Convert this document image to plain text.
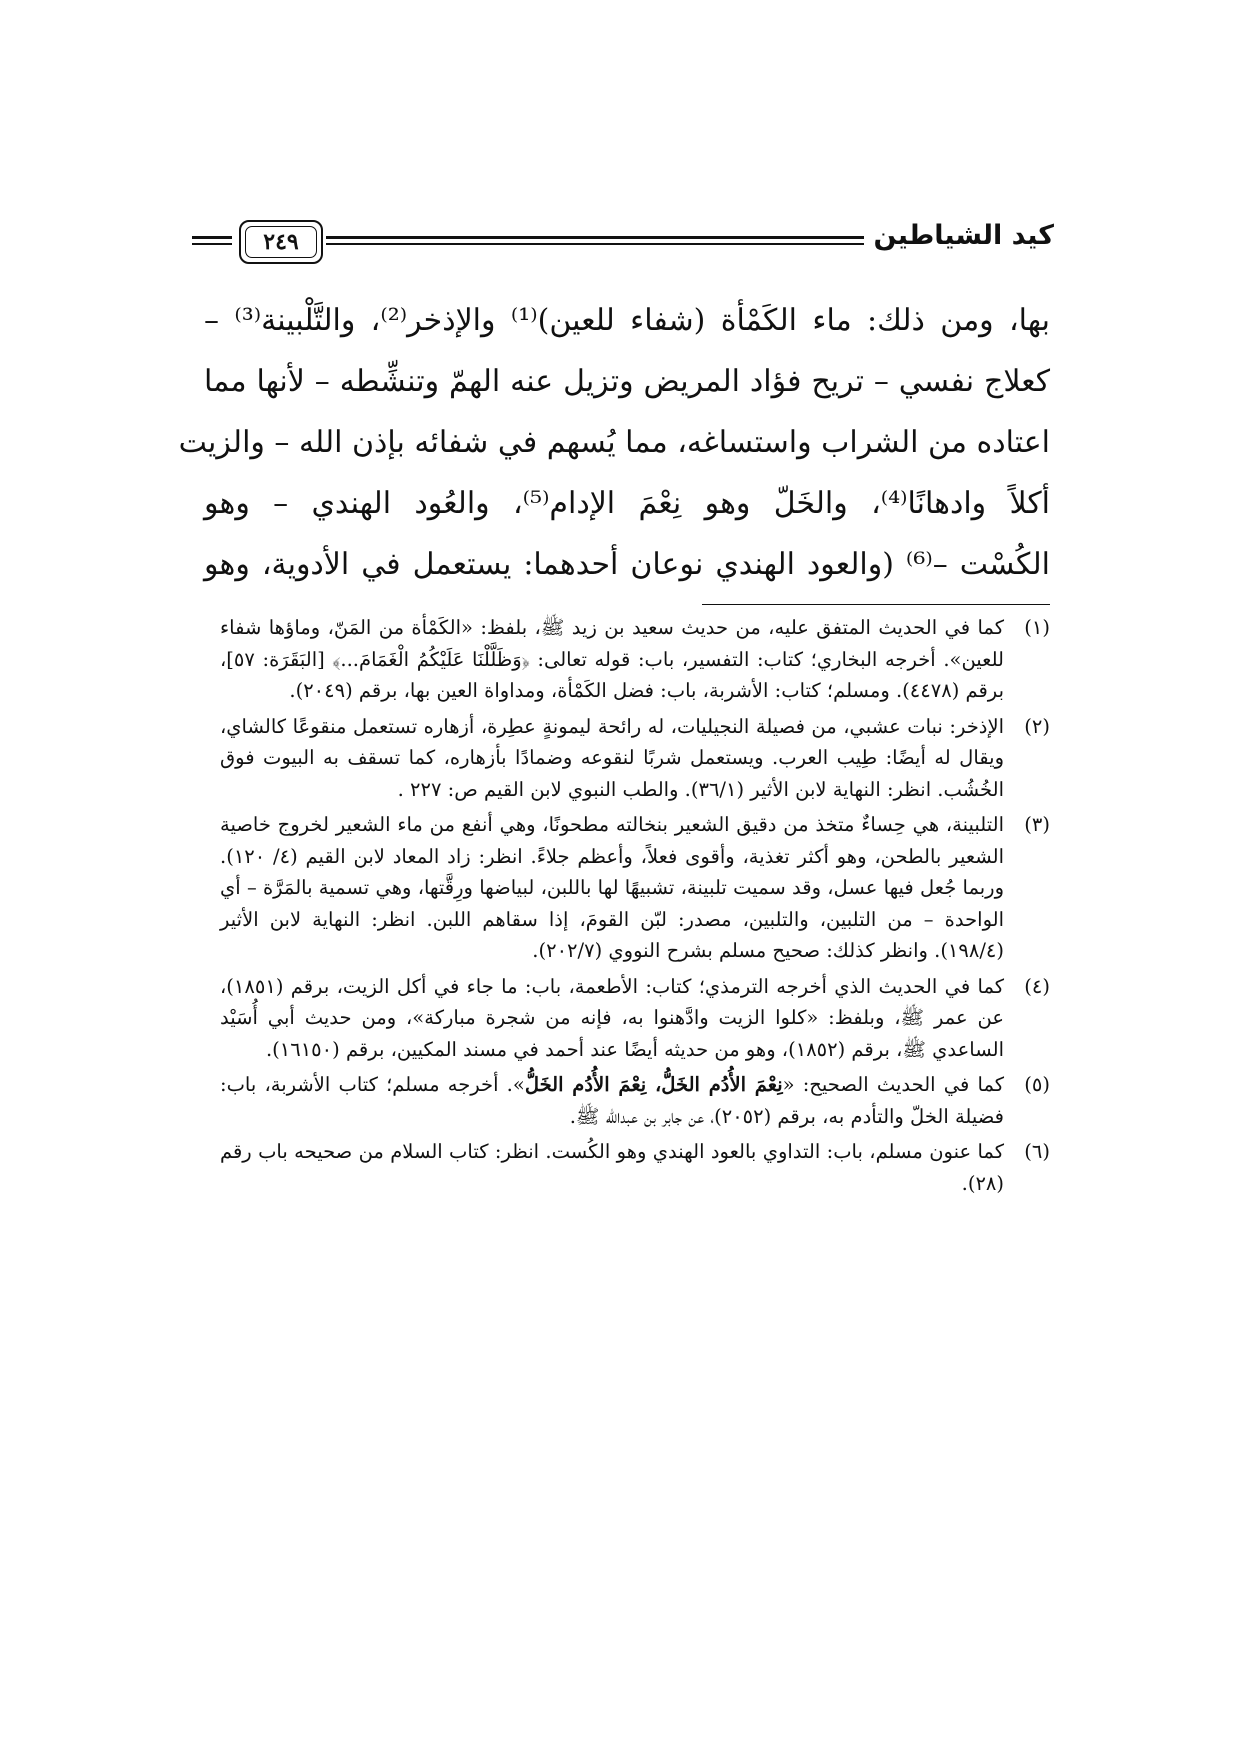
٢٤٩	كيد الشياطين
بها، ومن ذلك: ماء الكَمْأة (شفاء للعين)⁽¹⁾ والإذخر⁽²⁾، والتَّلْبينة⁽³⁾ –
كعلاج نفسي – تريح فؤاد المريض وتزيل عنه الهمّ وتنشِّطه – لأنها مما
اعتاده من الشراب واستساغه، مما يُسهم في شفائه بإذن الله – والزيت
أكلاً وادهانًا⁽⁴⁾، والخَلّ وهو نِعْمَ الإدام⁽⁵⁾، والعُود الهندي – وهو
الكُسْت –⁽⁶⁾ (والعود الهندي نوعان أحدهما: يستعمل في الأدوية، وهو
(١)
كما في الحديث المتفق عليه، من حديث سعيد بن زيد ﷺ، بلفظ: «الكَمْأة من المَنّ، وماؤها شفاء للعين». أخرجه البخاري؛ كتاب: التفسير، باب: قوله تعالى: ﴿وَظَلَّلْنَا عَلَيْكُمُ الْغَمَامَ...﴾ [البَقَرَة: ٥٧]، برقم (٤٤٧٨). ومسلم؛ كتاب: الأشربة، باب: فضل الكَمْأة، ومداواة العين بها، برقم (٢٠٤٩).
(٢)
الإذخر: نبات عشبي، من فصيلة النجيليات، له رائحة ليمونةٍ عطِرة، أزهاره تستعمل منقوعًا كالشاي، ويقال له أيضًا: طِيب العرب. ويستعمل شربًا لنقوعه وضمادًا بأزهاره، كما تسقف به البيوت فوق الخُشُب. انظر: النهاية لابن الأثير (٣٦/١). والطب النبوي لابن القيم ص: ٢٢٧ .
(٣)
التلبينة، هي حِساءٌ متخذ من دقيق الشعير بنخالته مطحونًا، وهي أنفع من ماء الشعير لخروج خاصية الشعير بالطحن، وهو أكثر تغذية، وأقوى فعلاً، وأعظم جلاءً. انظر: زاد المعاد لابن القيم (٤/ ١٢٠). وربما جُعل فيها عسل، وقد سميت تلبينة، تشبيهًا لها باللبن، لبياضها ورِقَّتها، وهي تسمية بالمَرَّة – أي الواحدة – من التلبين، والتلبين، مصدر: لبّن القومَ، إذا سقاهم اللبن. انظر: النهاية لابن الأثير (١٩٨/٤). وانظر كذلك: صحيح مسلم بشرح النووي (٢٠٢/٧).
(٤)
كما في الحديث الذي أخرجه الترمذي؛ كتاب: الأطعمة، باب: ما جاء في أكل الزيت، برقم (١٨٥١)، عن عمر ﷺ، وبلفظ: «كلوا الزيت وادَّهنوا به، فإنه من شجرة مباركة»، ومن حديث أبي أُسَيْد الساعدي ﷺ، برقم (١٨٥٢)، وهو من حديثه أيضًا عند أحمد في مسند المكيين، برقم (١٦١٥٠).
(٥)
كما في الحديث الصحيح: «نِعْمَ الأُدُم الخَلُّ، نِعْمَ الأُدُم الخَلُّ». أخرجه مسلم؛ كتاب الأشربة، باب: فضيلة الخلّ والتأدم به، برقم (٢٠٥٢)، عن جابر بن عبدالله ﷺ.
(٦)
كما عنون مسلم، باب: التداوي بالعود الهندي وهو الكُست. انظر: كتاب السلام من صحيحه باب رقم (٢٨).
